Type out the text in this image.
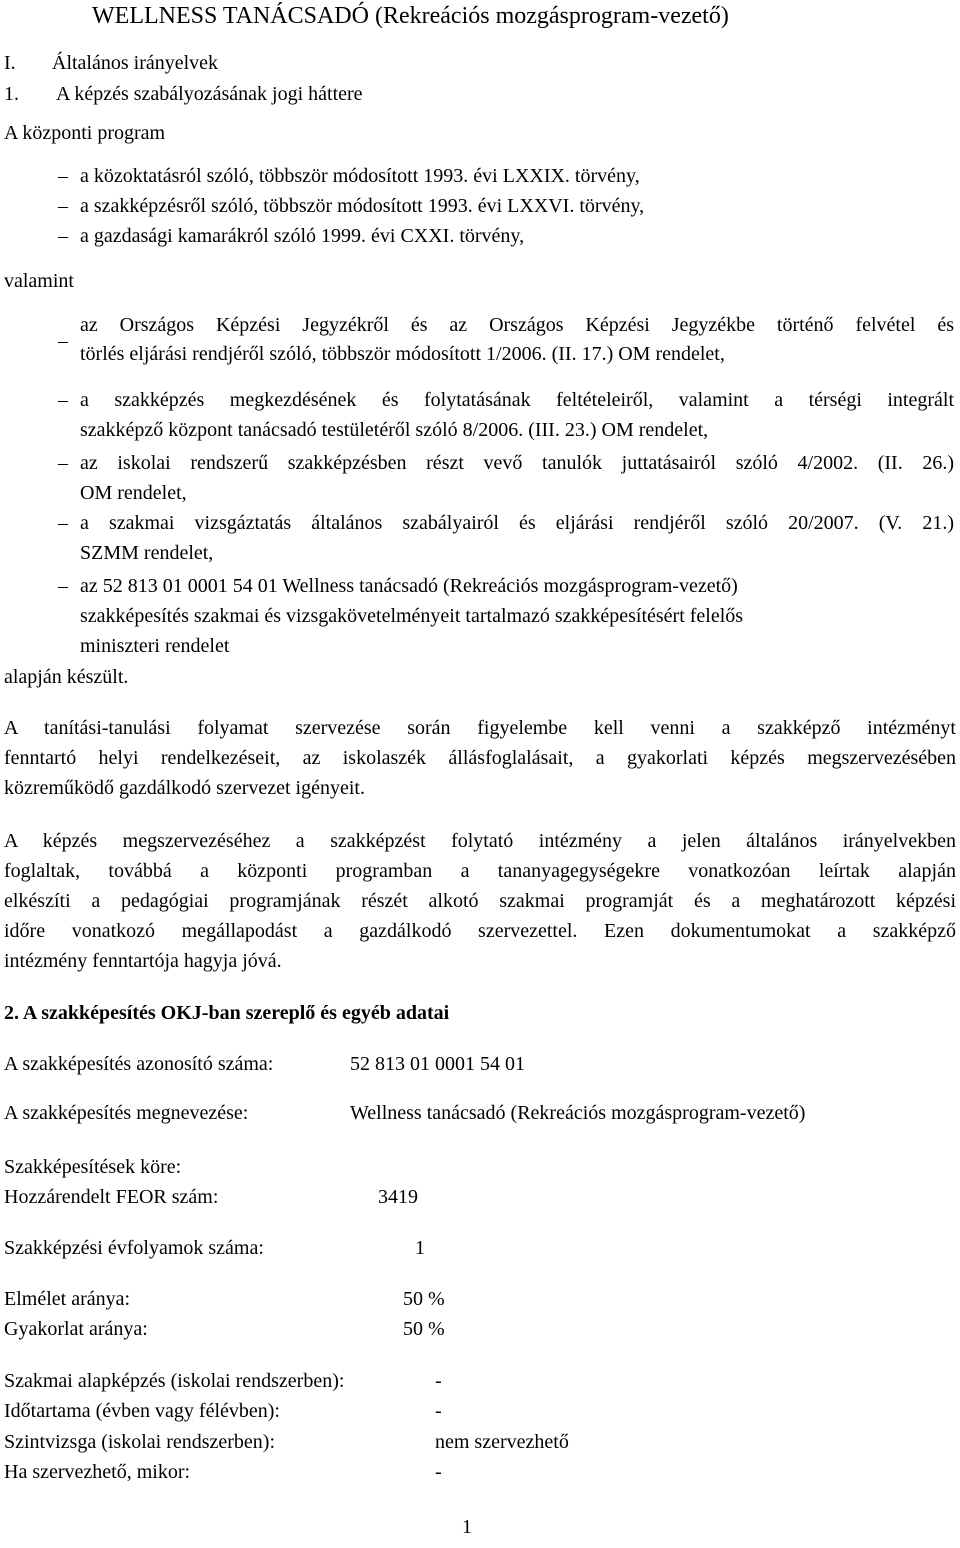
WELLNESS TANÁCSADÓ (Rekreációs mozgásprogram-vezető)
I. Általános irányelvek
1. A képzés szabályozásának jogi háttere
A központi program
– a közoktatásról szóló, többször módosított 1993. évi LXXIX. törvény,
– a szakképzésről szóló, többször módosított 1993. évi LXXVI. törvény,
– a gazdasági kamarákról szóló 1999. évi CXXI. törvény,
valamint
–
az Országos Képzési Jegyzékről és az Országos Képzési Jegyzékbe történő felvétel és
törlés eljárási rendjéről szóló, többször módosított 1/2006. (II. 17.) OM rendelet,
– a szakképzés megkezdésének és folytatásának feltételeiről, valamint a térségi integrált
szakképző központ tanácsadó testületéről szóló 8/2006. (III. 23.) OM rendelet,
– az iskolai rendszerű szakképzésben részt vevő tanulók juttatásairól szóló 4/2002. (II. 26.)
OM rendelet,
– a szakmai vizsgáztatás általános szabályairól és eljárási rendjéről szóló 20/2007. (V. 21.)
SZMM rendelet,
– az 52 813 01 0001 54 01 Wellness tanácsadó (Rekreációs mozgásprogram-vezető)
szakképesítés szakmai és vizsgakövetelményeit tartalmazó szakképesítésért felelős
miniszteri rendelet
alapján készült.
A tanítási-tanulási folyamat szervezése során figyelembe kell venni a szakképző intézményt
fenntartó helyi rendelkezéseit, az iskolaszék állásfoglalásait, a gyakorlati képzés megszervezésében
közreműködő gazdálkodó szervezet igényeit.
A képzés megszervezéséhez a szakképzést folytató intézmény a jelen általános irányelvekben
foglaltak, továbbá a központi programban a tananyagegységekre vonatkozóan leírtak alapján
elkészíti a pedagógiai programjának részét alkotó szakmai programját és a meghatározott képzési
időre vonatkozó megállapodást a gazdálkodó szervezettel. Ezen dokumentumokat a szakképző
intézmény fenntartója hagyja jóvá.
2. A szakképesítés OKJ-ban szereplő és egyéb adatai
A szakképesítés azonosító száma:	52 813 01 0001 54 01
A szakképesítés megnevezése:	Wellness tanácsadó (Rekreációs mozgásprogram-vezető)
Szakképesítések köre:
Hozzárendelt FEOR szám:	3419
Szakképzési évfolyamok száma:	1
Elmélet aránya:	50 %
Gyakorlat aránya:	50 %
Szakmai alapképzés (iskolai rendszerben):	-
Időtartama (évben vagy félévben):	-
Szintvizsga (iskolai rendszerben):	nem szervezhető
Ha szervezhető, mikor:	-
1
